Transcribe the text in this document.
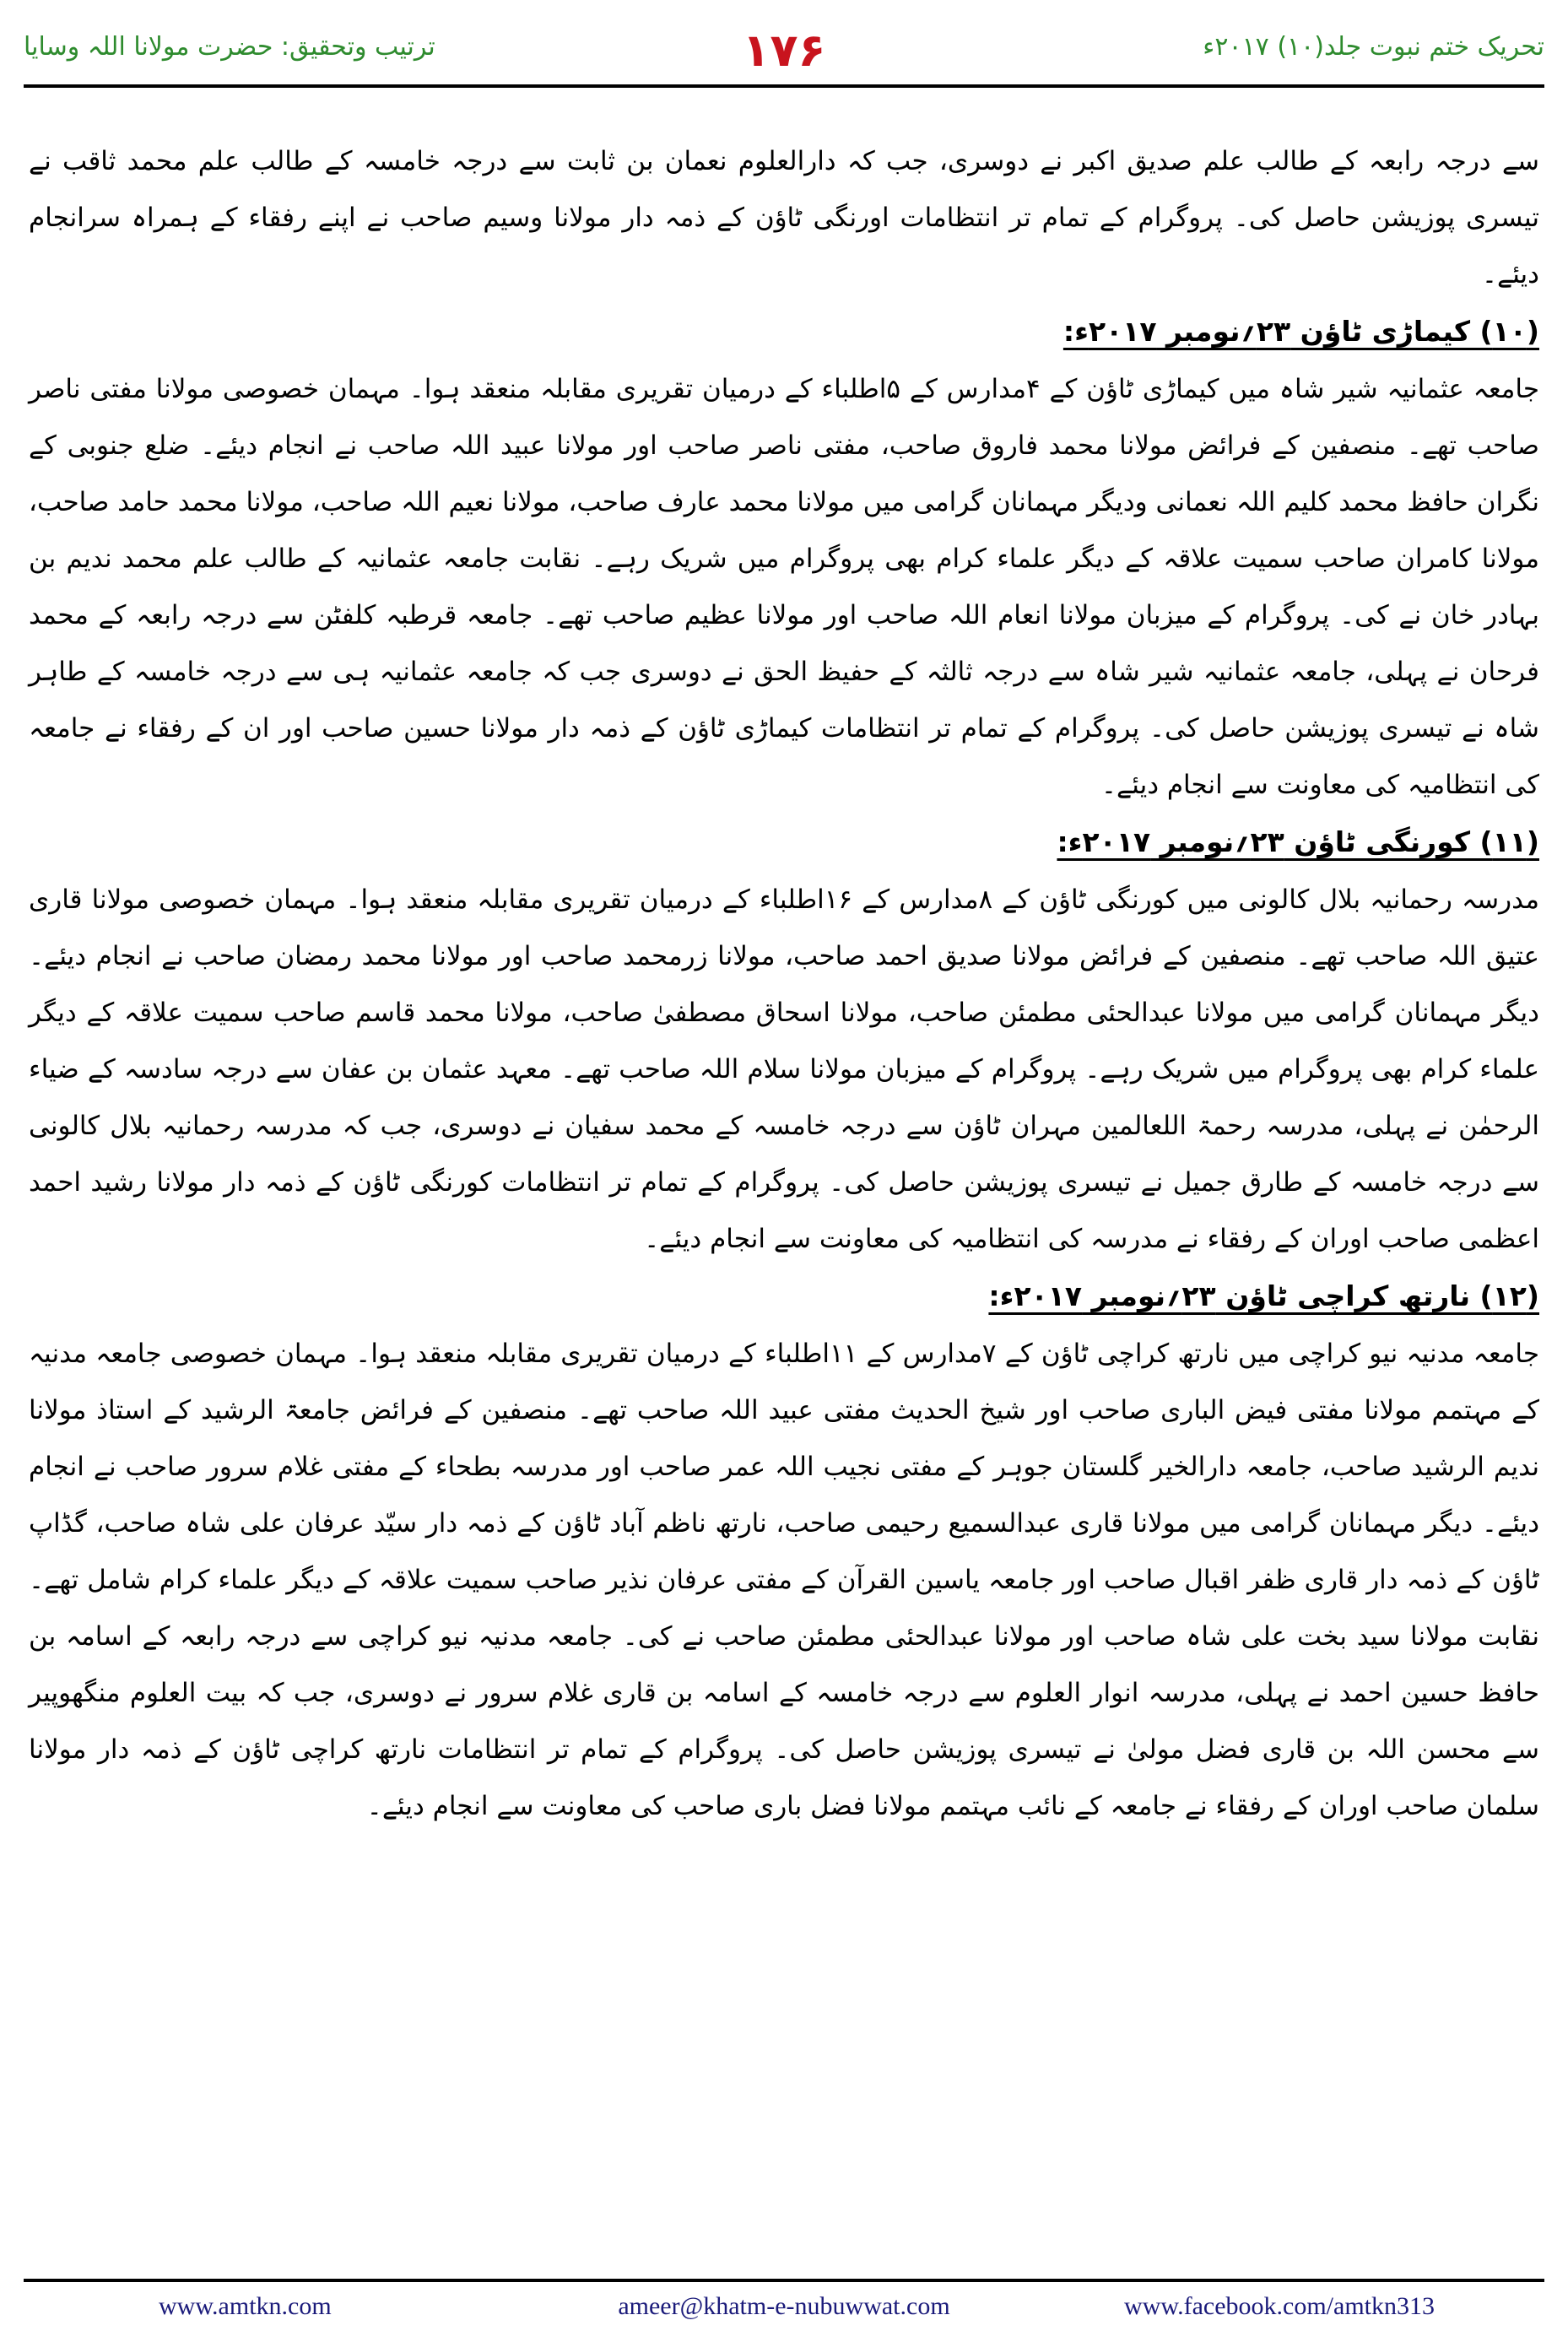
تحریک ختم نبوت جلد(۱۰) ۲۰۱۷ء
۱۷۶
ترتیب وتحقیق: حضرت مولانا اللہ وسایا

سے درجہ رابعہ کے طالب علم صدیق اکبر نے دوسری، جب کہ دارالعلوم نعمان بن ثابت سے درجہ خامسہ کے طالب علم محمد ثاقب نے تیسری پوزیشن حاصل کی۔ پروگرام کے تمام تر انتظامات اورنگی ٹاؤن کے ذمہ دار مولانا وسیم صاحب نے اپنے رفقاء کے ہمراہ سرانجام دیئے۔

(۱۰) کیماڑی ٹاؤن ۲۳؍نومبر ۲۰۱۷ء:

جامعہ عثمانیہ شیر شاہ میں کیماڑی ٹاؤن کے ۴مدارس کے ۵اطلباء کے درمیان تقریری مقابلہ منعقد ہوا۔ مہمان خصوصی مولانا مفتی ناصر صاحب تھے۔ منصفین کے فرائض مولانا محمد فاروق صاحب، مفتی ناصر صاحب اور مولانا عبید اللہ صاحب نے انجام دیئے۔ ضلع جنوبی کے نگران حافظ محمد کلیم اللہ نعمانی ودیگر مہمانان گرامی میں مولانا محمد عارف صاحب، مولانا نعیم اللہ صاحب، مولانا محمد حامد صاحب، مولانا کامران صاحب سمیت علاقہ کے دیگر علماء کرام بھی پروگرام میں شریک رہے۔ نقابت جامعہ عثمانیہ کے طالب علم محمد ندیم بن بہادر خان نے کی۔ پروگرام کے میزبان مولانا انعام اللہ صاحب اور مولانا عظیم صاحب تھے۔ جامعہ قرطبہ کلفٹن سے درجہ رابعہ کے محمد فرحان نے پہلی، جامعہ عثمانیہ شیر شاہ سے درجہ ثالثہ کے حفیظ الحق نے دوسری جب کہ جامعہ عثمانیہ ہی سے درجہ خامسہ کے طاہر شاہ نے تیسری پوزیشن حاصل کی۔ پروگرام کے تمام تر انتظامات کیماڑی ٹاؤن کے ذمہ دار مولانا حسین صاحب اور ان کے رفقاء نے جامعہ کی انتظامیہ کی معاونت سے انجام دیئے۔

(۱۱) کورنگی ٹاؤن ۲۳؍نومبر ۲۰۱۷ء:

مدرسہ رحمانیہ بلال کالونی میں کورنگی ٹاؤن کے ۸مدارس کے ۱۶اطلباء کے درمیان تقریری مقابلہ منعقد ہوا۔ مہمان خصوصی مولانا قاری عتیق اللہ صاحب تھے۔ منصفین کے فرائض مولانا صدیق احمد صاحب، مولانا زرمحمد صاحب اور مولانا محمد رمضان صاحب نے انجام دیئے۔ دیگر مہمانان گرامی میں مولانا عبدالحئی مطمئن صاحب، مولانا اسحاق مصطفیٰ صاحب، مولانا محمد قاسم صاحب سمیت علاقہ کے دیگر علماء کرام بھی پروگرام میں شریک رہے۔ پروگرام کے میزبان مولانا سلام اللہ صاحب تھے۔ معہد عثمان بن عفان سے درجہ سادسہ کے ضیاء الرحمٰن نے پہلی، مدرسہ رحمۃ اللعالمین مہران ٹاؤن سے درجہ خامسہ کے محمد سفیان نے دوسری، جب کہ مدرسہ رحمانیہ بلال کالونی سے درجہ خامسہ کے طارق جمیل نے تیسری پوزیشن حاصل کی۔ پروگرام کے تمام تر انتظامات کورنگی ٹاؤن کے ذمہ دار مولانا رشید احمد اعظمی صاحب اوران کے رفقاء نے مدرسہ کی انتظامیہ کی معاونت سے انجام دیئے۔

(۱۲) نارتھ کراچی ٹاؤن ۲۳؍نومبر ۲۰۱۷ء:

جامعہ مدنیہ نیو کراچی میں نارتھ کراچی ٹاؤن کے ۷مدارس کے ۱۱اطلباء کے درمیان تقریری مقابلہ منعقد ہوا۔ مہمان خصوصی جامعہ مدنیہ کے مہتمم مولانا مفتی فیض الباری صاحب اور شیخ الحدیث مفتی عبید اللہ صاحب تھے۔ منصفین کے فرائض جامعۃ الرشید کے استاذ مولانا ندیم الرشید صاحب، جامعہ دارالخیر گلستان جوہر کے مفتی نجیب اللہ عمر صاحب اور مدرسہ بطحاء کے مفتی غلام سرور صاحب نے انجام دیئے۔ دیگر مہمانان گرامی میں مولانا قاری عبدالسمیع رحیمی صاحب، نارتھ ناظم آباد ٹاؤن کے ذمہ دار سیّد عرفان علی شاہ صاحب، گڈاپ ٹاؤن کے ذمہ دار قاری ظفر اقبال صاحب اور جامعہ یاسین القرآن کے مفتی عرفان نذیر صاحب سمیت علاقہ کے دیگر علماء کرام شامل تھے۔ نقابت مولانا سید بخت علی شاہ صاحب اور مولانا عبدالحئی مطمئن صاحب نے کی۔ جامعہ مدنیہ نیو کراچی سے درجہ رابعہ کے اسامہ بن حافظ حسین احمد نے پہلی، مدرسہ انوار العلوم سے درجہ خامسہ کے اسامہ بن قاری غلام سرور نے دوسری، جب کہ بیت العلوم منگھوپیر سے محسن اللہ بن قاری فضل مولیٰ نے تیسری پوزیشن حاصل کی۔ پروگرام کے تمام تر انتظامات نارتھ کراچی ٹاؤن کے ذمہ دار مولانا سلمان صاحب اوران کے رفقاء نے جامعہ کے نائب مہتمم مولانا فضل باری صاحب کی معاونت سے انجام دیئے۔

www.amtkn.com	ameer@khatm-e-nubuwwat.com	www.facebook.com/amtkn313
